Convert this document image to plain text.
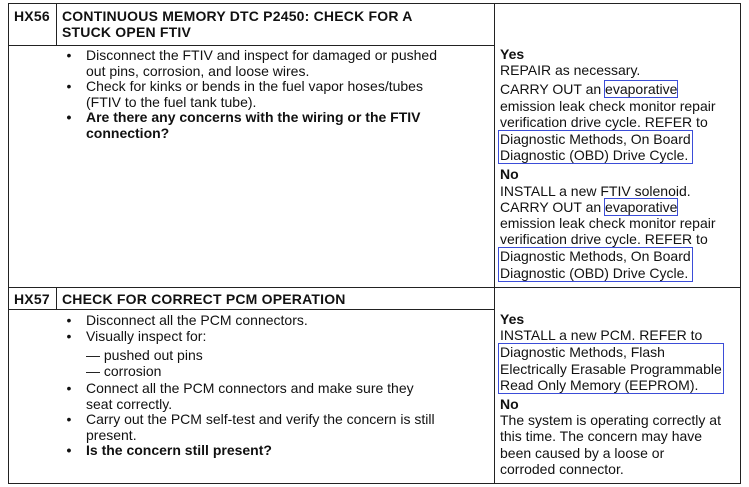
HX56 CONTINUOUS MEMORY DTC P2450: CHECK FOR A
STUCK OPEN FTIV
•	Disconnect the FTIV and inspect for damaged or pushed
out pins, corrosion, and loose wires.
•	Check for kinks or bends in the fuel vapor hoses/tubes
(FTIV to the fuel tank tube).
•	Are there any concerns with the wiring or the FTIV
connection?
Yes
REPAIR as necessary.
CARRY OUT an evaporative
emission leak check monitor repair
verification drive cycle. REFER to
Diagnostic Methods, On Board
Diagnostic (OBD) Drive Cycle.
No
INSTALL a new FTIV solenoid.
CARRY OUT an evaporative
emission leak check monitor repair
verification drive cycle. REFER to
Diagnostic Methods, On Board
Diagnostic (OBD) Drive Cycle.
HX57 CHECK FOR CORRECT PCM OPERATION
•	Disconnect all the PCM connectors.
•	Visually inspect for:
— pushed out pins
— corrosion
•	Connect all the PCM connectors and make sure they
seat correctly.
•	Carry out the PCM self-test and verify the concern is still
present.
•	Is the concern still present?
Yes
INSTALL a new PCM. REFER to
Diagnostic Methods, Flash
Electrically Erasable Programmable
Read Only Memory (EEPROM).
No
The system is operating correctly at
this time. The concern may have
been caused by a loose or
corroded connector.
